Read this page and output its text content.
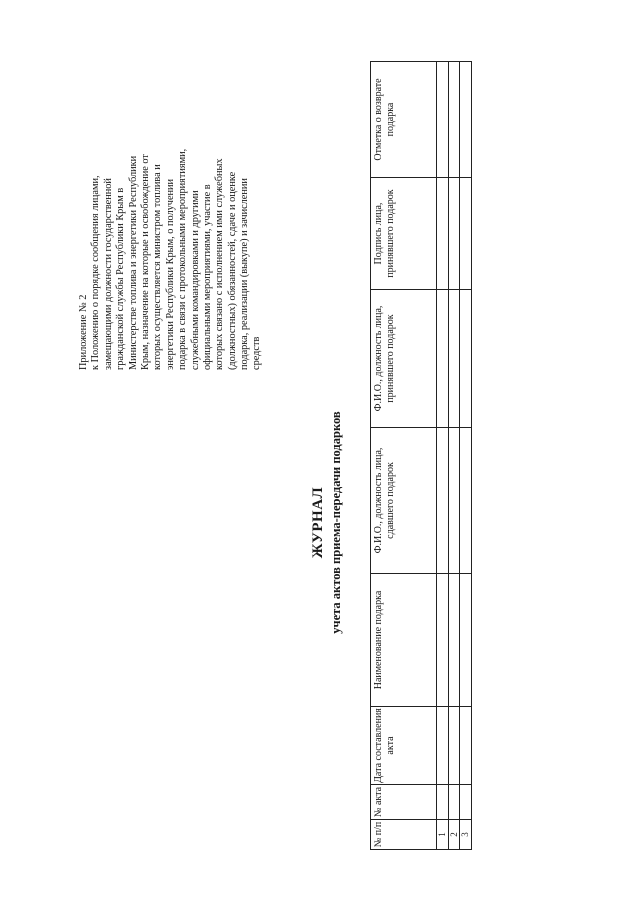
Приложение № 2 к Положению о порядке сообщения лицами, замещающими должности государственной гражданской службы Республики Крым в Министерстве топлива и энергетики Республики Крым, назначение на которые и освобождение от которых осуществляется министром топлива и энергетики Республики Крым, о получении подарка в связи с протокольными мероприятиями, служебными командировками и другими официальными мероприятиями, участие в которых связано с исполнением ими служебных (должностных) обязанностей, сдаче и оценке подарка, реализации (выкупе) и зачислении средств
ЖУРНАЛ учета актов приема-передачи подарков
№ п/п	№ акта	Дата составления акта	Наименование подарка	Ф.И.О., должность лица, сдавшего подарок	Ф.И.О., должность лица, принявшего подарок	Подпись лица, принявшего подарок	Отметка о возврате подарка
1							
2							
3							
